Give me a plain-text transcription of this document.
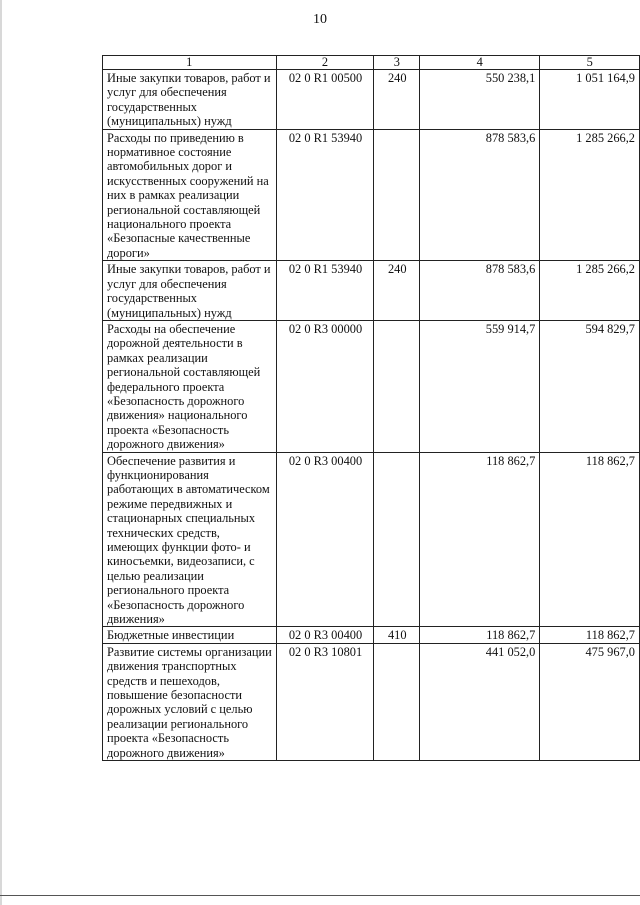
10
1	2	3	4	5
Иные закупки товаров, работ и услуг для обеспечения государственных (муниципальных) нужд	02 0 R1 00500	240	550 238,1	1 051 164,9
Расходы по приведению в нормативное состояние автомобильных дорог и искусственных сооружений на них в рамках реализации региональной составляющей национального проекта «Безопасные качественные дороги»	02 0 R1 53940		878 583,6	1 285 266,2
Иные закупки товаров, работ и услуг для обеспечения государственных (муниципальных) нужд	02 0 R1 53940	240	878 583,6	1 285 266,2
Расходы на обеспечение дорожной деятельности в рамках реализации региональной составляющей федерального проекта «Безопасность дорожного движения» национального проекта «Безопасность дорожного движения»	02 0 R3 00000		559 914,7	594 829,7
Обеспечение развития и функционирования работающих в автоматическом режиме передвижных и стационарных специальных технических средств, имеющих функции фото- и киносъемки, видеозаписи, с целью реализации регионального проекта «Безопасность дорожного движения»	02 0 R3 00400		118 862,7	118 862,7
Бюджетные инвестиции	02 0 R3 00400	410	118 862,7	118 862,7
Развитие системы организации движения транспортных средств и пешеходов, повышение безопасности дорожных условий с целью реализации регионального проекта «Безопасность дорожного движения»	02 0 R3 10801		441 052,0	475 967,0
